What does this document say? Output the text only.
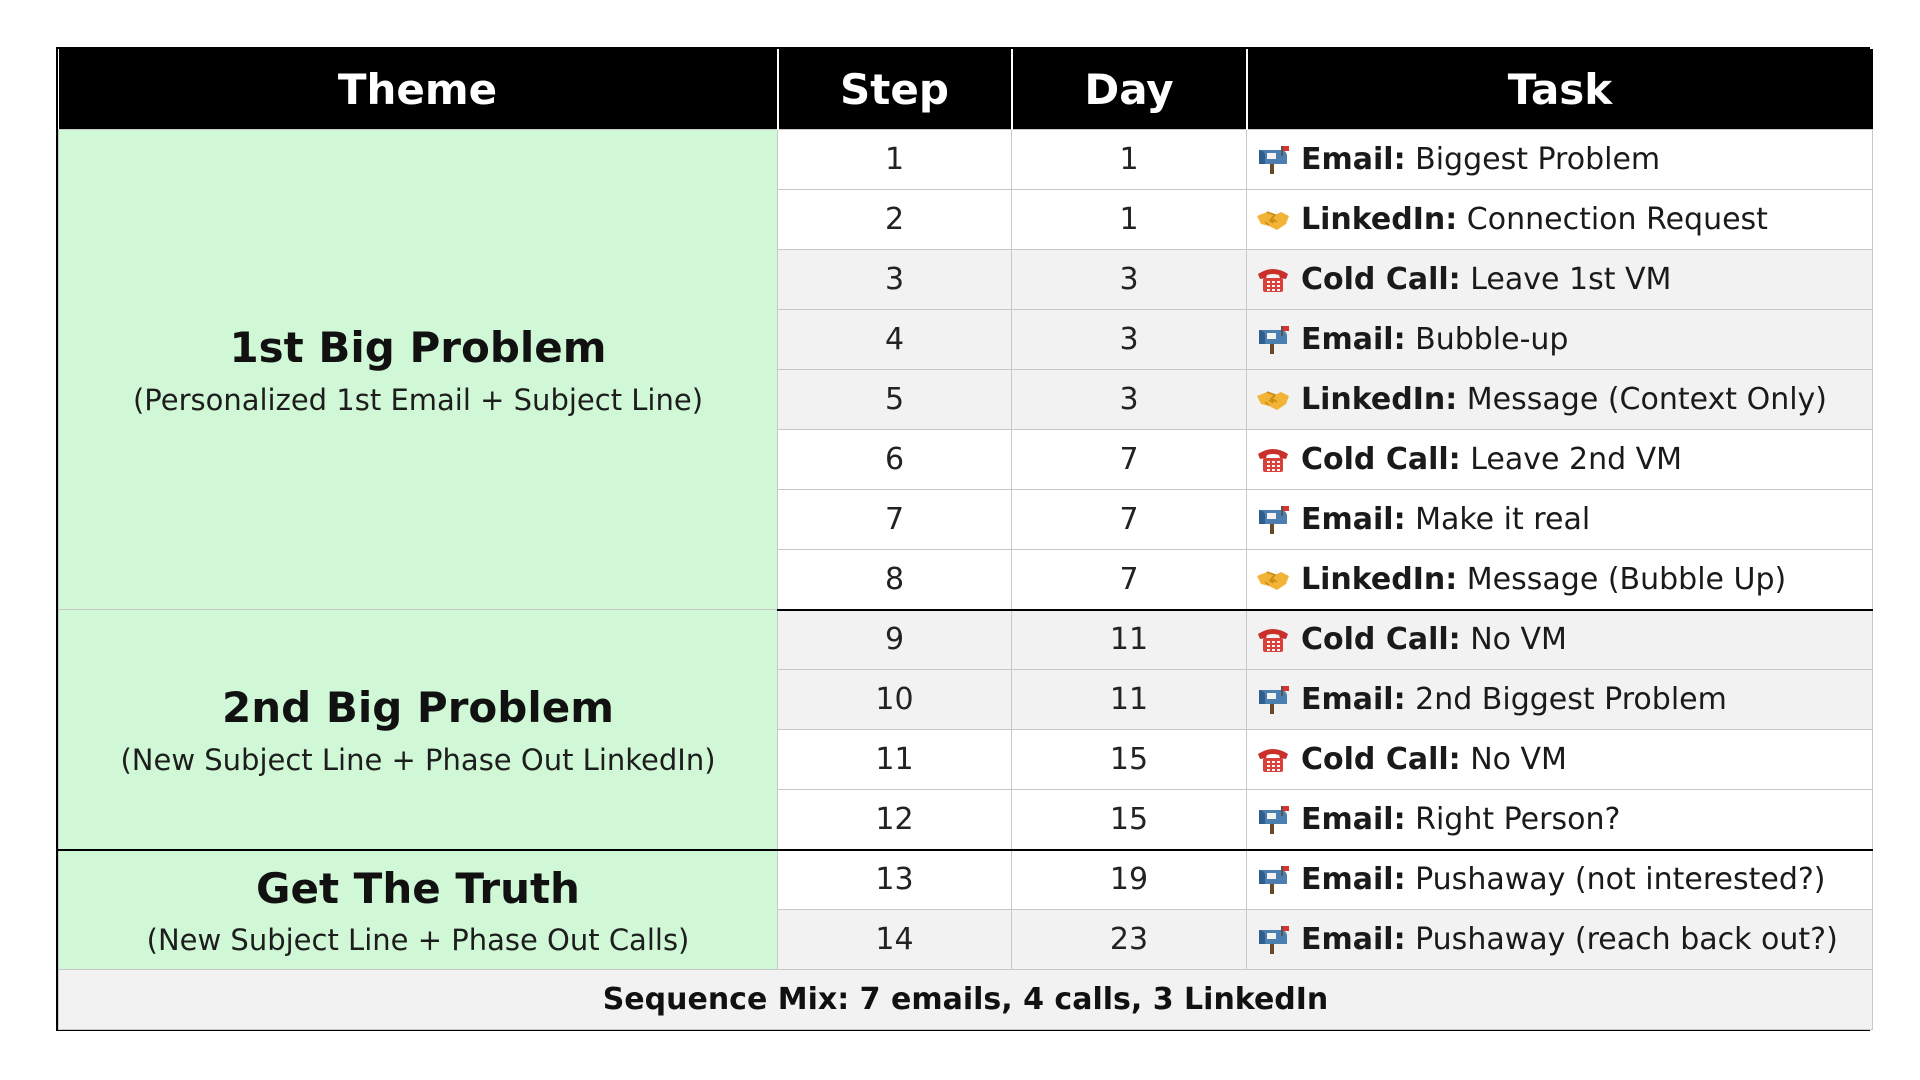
Theme	Step	Day	Task

1st Big Problem
(Personalized 1st Email + Subject Line)	1	1	Email: Biggest Problem
	2	1	LinkedIn: Connection Request
	3	3	Cold Call: Leave 1st VM
	4	3	Email: Bubble-up
	5	3	LinkedIn: Message (Context Only)
	6	7	Cold Call: Leave 2nd VM
	7	7	Email: Make it real
	8	7	LinkedIn: Message (Bubble Up)

2nd Big Problem
(New Subject Line + Phase Out LinkedIn)	9	11	Cold Call: No VM
	10	11	Email: 2nd Biggest Problem
	11	15	Cold Call: No VM
	12	15	Email: Right Person?

Get The Truth
(New Subject Line + Phase Out Calls)	13	19	Email: Pushaway (not interested?)
	14	23	Email: Pushaway (reach back out?)
Sequence Mix: 7 emails, 4 calls, 3 LinkedIn			
